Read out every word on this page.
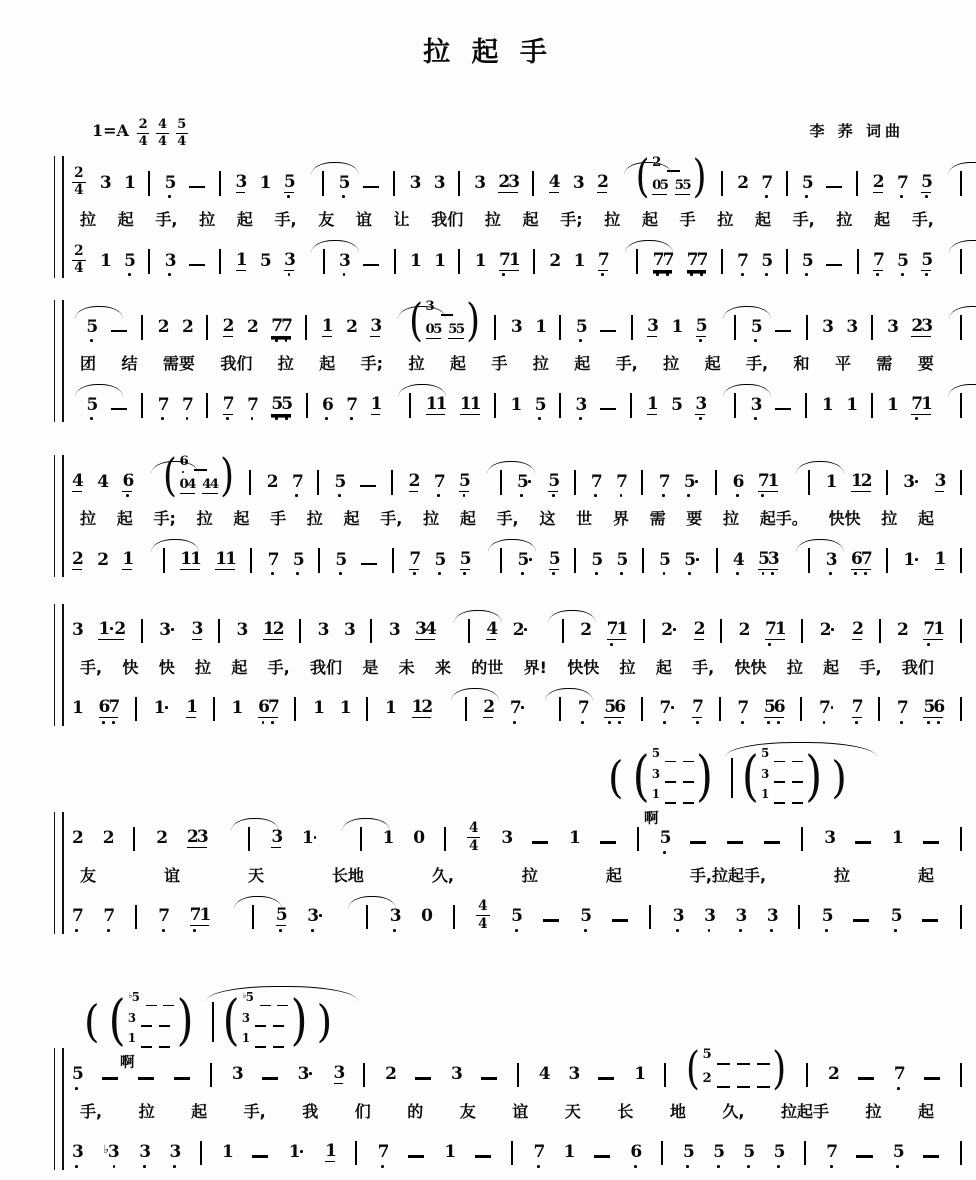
拉 起 手
$1=A \frac{2}{4} \frac{4}{4} \frac{5}{4}$	李 荞 词曲
$\frac{2}{4} 3$ 1 5	3 1 5	5	3 3 3 2
3 4 3 2 ( 2
0
5 5
5 ) 2 7 5	2 7 5
拉 起 手, 拉 起 手, 友 谊 让 我们 拉 起 手; 拉 起 手 拉 起 手, 拉 起 手,
$\frac{2}{4} 1$ 5 3	1 5 3	3	1 1 1 7
1 2 1 7	7
7 7
7 7 5 5	7 5 5
5	2 2 2 2 7
7 1 2 3 ( 3
0
5 5
5 ) 3 1 5	3 1 5	5	3 3 3 2
3
团 结 需要 我们 拉 起 手; 拉 起 手 拉 起 手, 拉 起 手, 和 平 需 要
5	7 7 7 7 5
5 6 7 1	1
1 1
1 1 5 3	1 5 3	3	1 1 1 7
1
4 4 6 ( 6
0
4 4
4 ) 2 7 5	2 7 5	5 5 7 7 7 5 6 7
1	1 1
2 3 3
拉 起 手; 拉 起 手 拉 起 手, 拉 起 手, 这 世 界 需 要 拉 起手。 快快 拉 起
2 2 1	1
1 1
1 7 5 5	7 5 5	5 5 5 5 5 5 4 5
3	3 6
7 1 1
3 1 2 3 3 3 1
2 3 3 3 3
4	4 2	2 7
1 2 2 2 7
1 2 2 2 7
1
手, 快 快 拉 起 手, 我们 是 未 来 的世 界! 快快 拉 起 手, 快快 拉 起 手, 我们
1 6
7 1 1 1 6
7 1 1 1 1
2	2 7	7 5
6 7 7 7 5
6 7 7 7 5
6
2 2 2 2
3	3 1	1 0	$\frac{4}{4} 3$	1	5	3	1
友	谊	天	长地	久,	拉	起	手,拉起手,	拉	起
7 7	7 7
1	5 3	3 0	$\frac{4}{4} 5$	5	3 3 3 3	5	5
5	3	3 3 2	3	4 3	1 ( 5
2 ) 2	7
手, 拉 起 手, 我 们 的 友 谊 天 长 地 久, 拉起手 拉 起
3 ♭ 3 3 3 1	1 1 7	1	7 1	6 5 5 5 5 7	5
( ( 5
3
1 ) ( 5
3
1 ) )
啊
( ( ♭ 5
3
1 ) ( ♭ 5
3
1 ) )
啊
